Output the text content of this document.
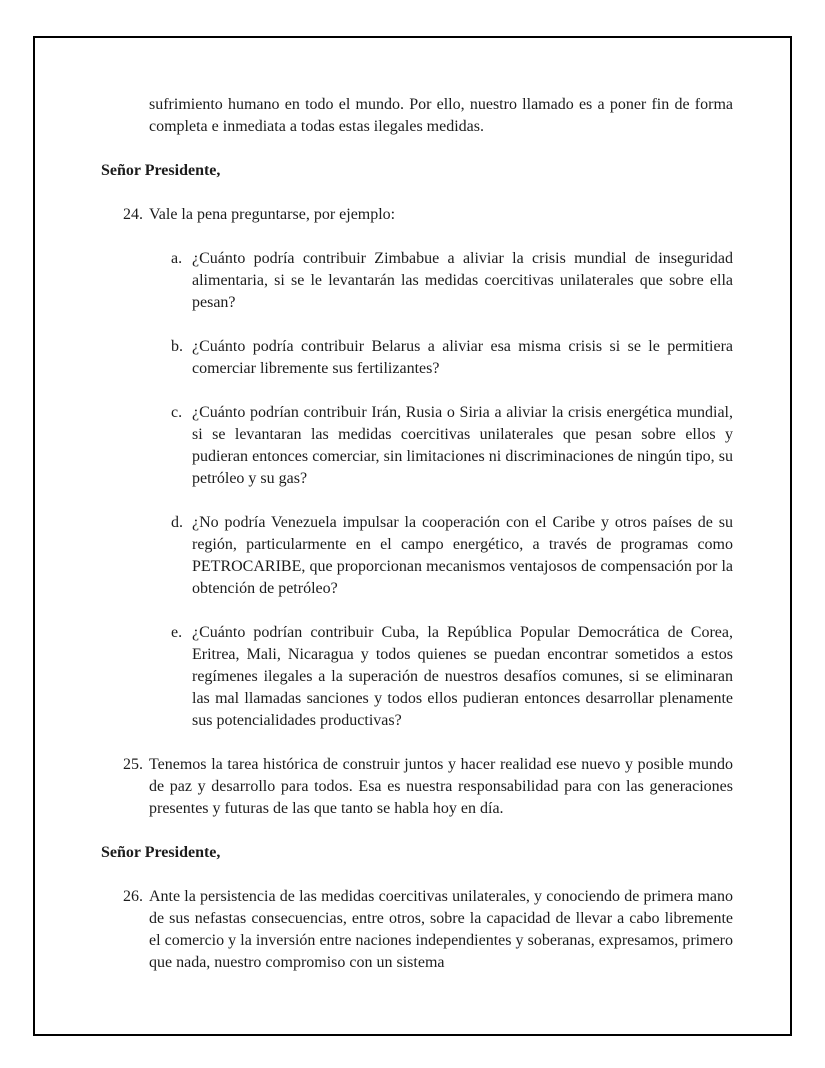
sufrimiento humano en todo el mundo. Por ello, nuestro llamado es a poner fin de forma completa e inmediata a todas estas ilegales medidas.

Señor Presidente,

24. Vale la pena preguntarse, por ejemplo:

a. ¿Cuánto podría contribuir Zimbabue a aliviar la crisis mundial de inseguridad alimentaria, si se le levantarán las medidas coercitivas unilaterales que sobre ella pesan?

b. ¿Cuánto podría contribuir Belarus a aliviar esa misma crisis si se le permitiera comerciar libremente sus fertilizantes?

c. ¿Cuánto podrían contribuir Irán, Rusia o Siria a aliviar la crisis energética mundial, si se levantaran las medidas coercitivas unilaterales que pesan sobre ellos y pudieran entonces comerciar, sin limitaciones ni discriminaciones de ningún tipo, su petróleo y su gas?

d. ¿No podría Venezuela impulsar la cooperación con el Caribe y otros países de su región, particularmente en el campo energético, a través de programas como PETROCARIBE, que proporcionan mecanismos ventajosos de compensación por la obtención de petróleo?

e. ¿Cuánto podrían contribuir Cuba, la República Popular Democrática de Corea, Eritrea, Mali, Nicaragua y todos quienes se puedan encontrar sometidos a estos regímenes ilegales a la superación de nuestros desafíos comunes, si se eliminaran las mal llamadas sanciones y todos ellos pudieran entonces desarrollar plenamente sus potencialidades productivas?

25. Tenemos la tarea histórica de construir juntos y hacer realidad ese nuevo y posible mundo de paz y desarrollo para todos. Esa es nuestra responsabilidad para con las generaciones presentes y futuras de las que tanto se habla hoy en día.

Señor Presidente,

26. Ante la persistencia de las medidas coercitivas unilaterales, y conociendo de primera mano de sus nefastas consecuencias, entre otros, sobre la capacidad de llevar a cabo libremente el comercio y la inversión entre naciones independientes y soberanas, expresamos, primero que nada, nuestro compromiso con un sistema
